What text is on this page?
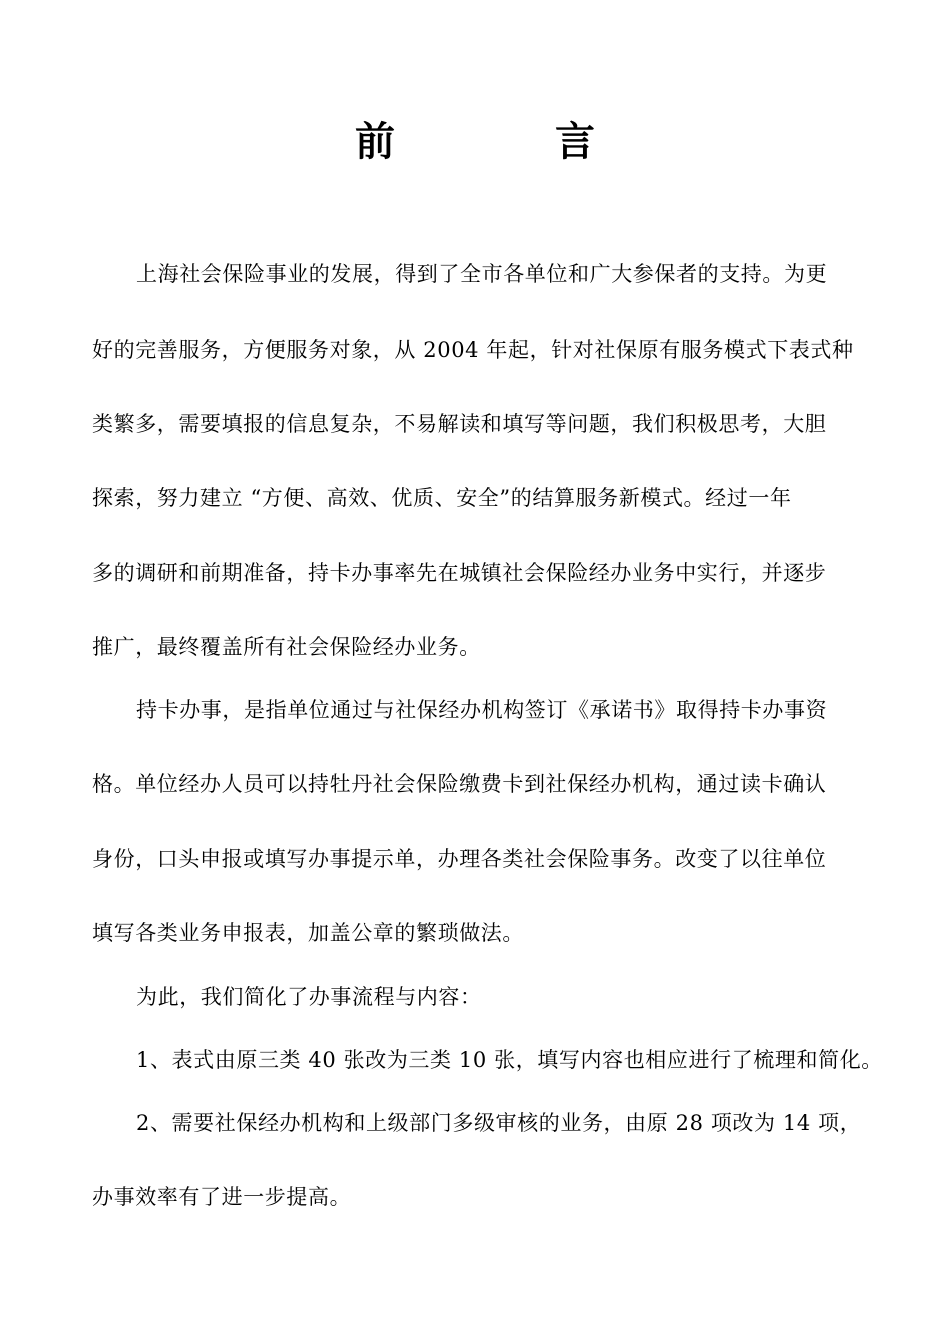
前　言
上海社会保险事业的发展，得到了全市各单位和广大参保者的支持。为更
好的完善服务，方便服务对象，从 2004 年起，针对社保原有服务模式下表式种
类繁多，需要填报的信息复杂，不易解读和填写等问题，我们积极思考，大胆
探索，努力建立 “方便、高效、优质、安全”的结算服务新模式。经过一年
多的调研和前期准备，持卡办事率先在城镇社会保险经办业务中实行，并逐步
推广，最终覆盖所有社会保险经办业务。
持卡办事，是指单位通过与社保经办机构签订《承诺书》取得持卡办事资
格。单位经办人员可以持牡丹社会保险缴费卡到社保经办机构，通过读卡确认
身份，口头申报或填写办事提示单，办理各类社会保险事务。改变了以往单位
填写各类业务申报表，加盖公章的繁琐做法。
为此，我们简化了办事流程与内容：
1、表式由原三类 40 张改为三类 10 张，填写内容也相应进行了梳理和简化。
2、需要社保经办机构和上级部门多级审核的业务，由原 28 项改为 14 项，
办事效率有了进一步提高。
